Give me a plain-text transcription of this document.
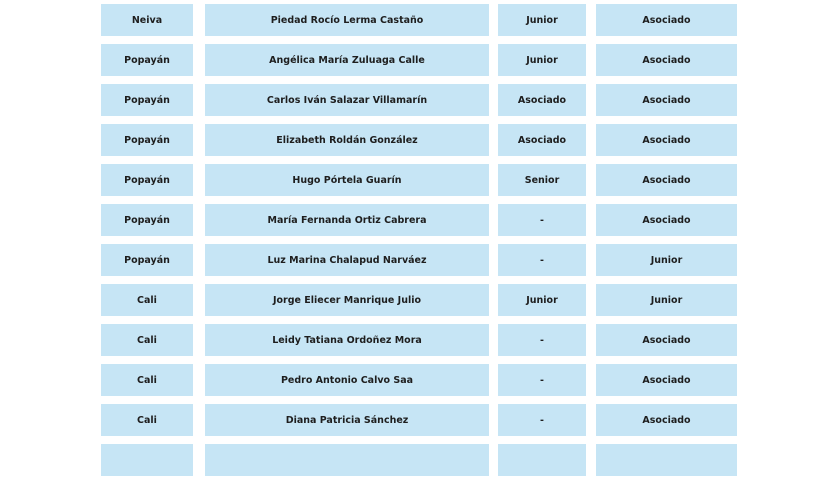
Neiva	Piedad Rocío Lerma Castaño	Junior	Asociado
Popayán	Angélica María Zuluaga Calle	Junior	Asociado
Popayán	Carlos Iván Salazar Villamarín	Asociado	Asociado
Popayán	Elizabeth Roldán González	Asociado	Asociado
Popayán	Hugo Pórtela Guarín	Senior	Asociado
Popayán	María Fernanda Ortiz Cabrera	-	Asociado
Popayán	Luz Marina Chalapud Narváez	-	Junior
Cali	Jorge Eliecer Manrique Julio	Junior	Junior
Cali	Leidy Tatiana Ordoñez Mora	-	Asociado
Cali	Pedro Antonio Calvo Saa	-	Asociado
Cali	Diana Patricia Sánchez	-	Asociado
